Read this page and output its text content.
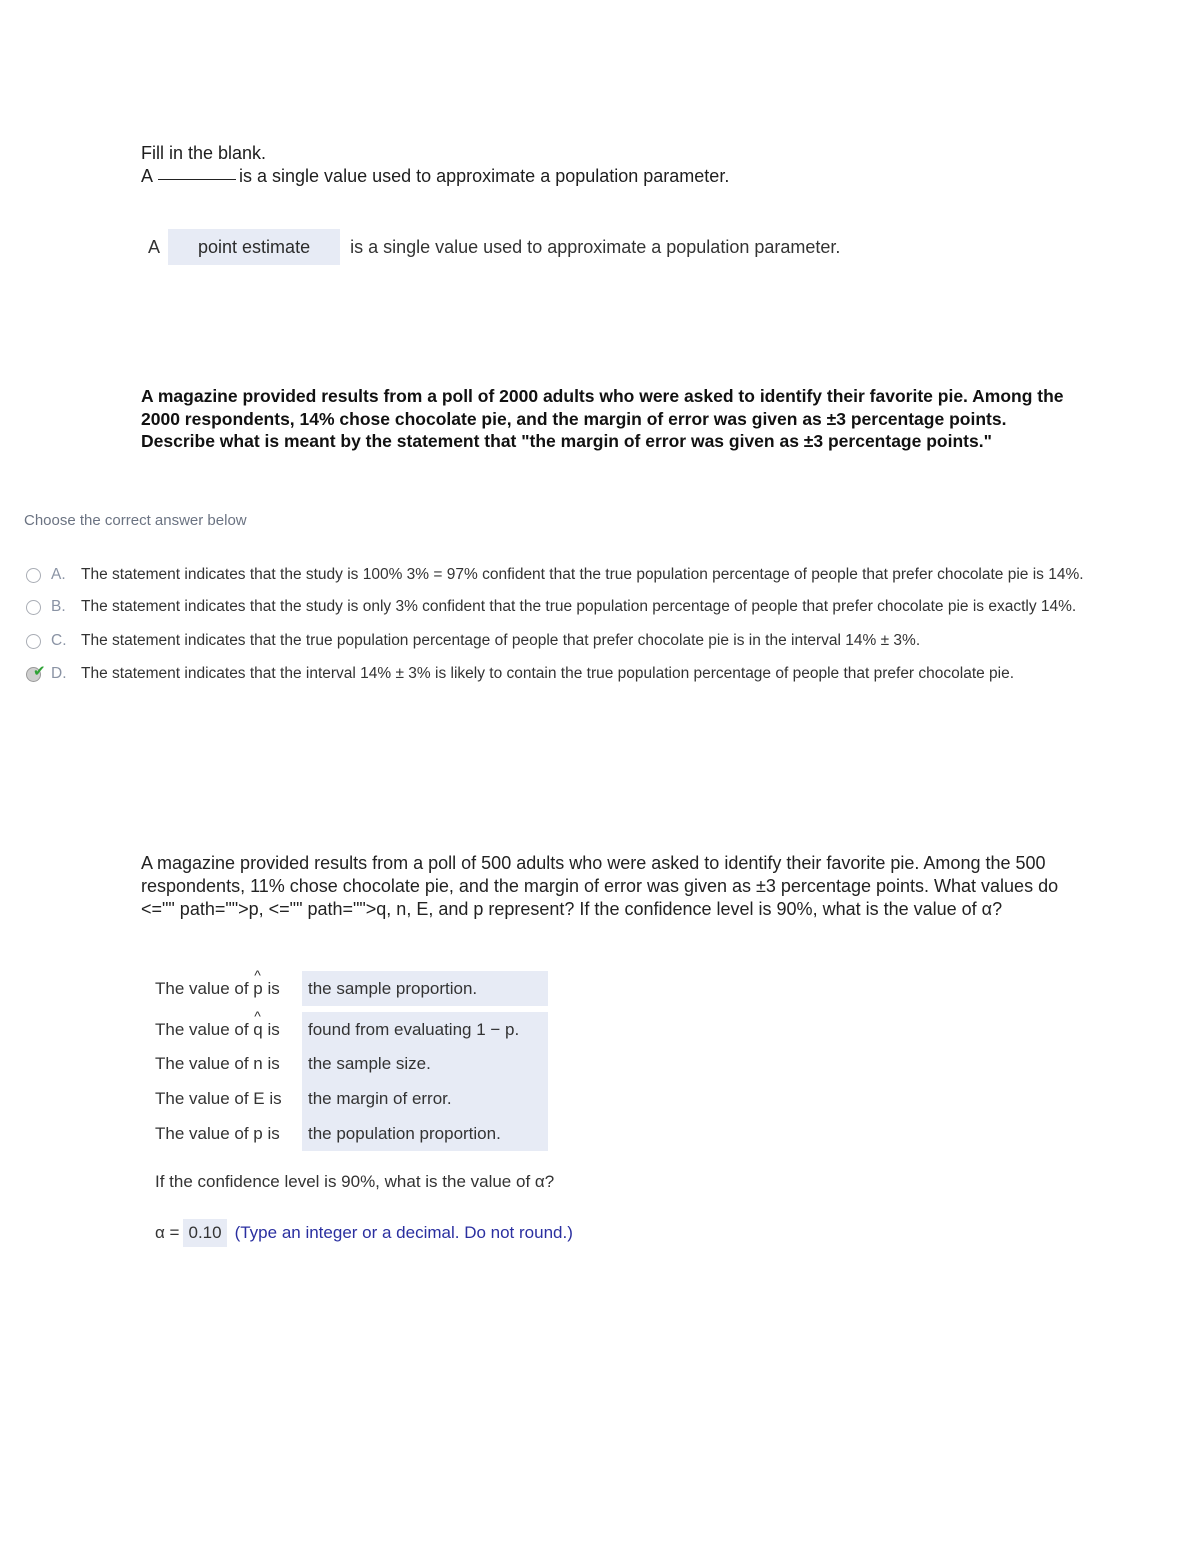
Fill in the blank.
A	is a single value used to approximate a population parameter.
A	point estimate	is a single value used to approximate a population parameter.
A magazine provided results from a poll of 2000 adults who were asked to identify their favorite pie. Among the 2000 respondents, 14% chose chocolate pie, and the margin of error was given as ±3 percentage points. Describe what is meant by the statement that "the margin of error was given as ±3 percentage points."
Choose the correct answer below
A. The statement indicates that the study is 100% 3% = 97% confident that the true population percentage of people that prefer chocolate pie is 14%.
B. The statement indicates that the study is only 3% confident that the true population percentage of people that prefer chocolate pie is exactly 14%.
C. The statement indicates that the true population percentage of people that prefer chocolate pie is in the interval 14% ± 3%.
✔ D. The statement indicates that the interval 14% ± 3% is likely to contain the true population percentage of people that prefer chocolate pie.
A magazine provided results from a poll of 500 adults who were asked to identify their favorite pie. Among the 500 respondents, 11% chose chocolate pie, and the margin of error was given as ±3 percentage points. What values do <="" path="">p, <="" path="">q, n, E, and p represent? If the confidence level is 90%, what is the value of α?
The value of ^ p is	the sample proportion.
The value of ^ q is	found from evaluating 1 − p.
The value of n is	the sample size.
The value of E is	the margin of error.
The value of p is	the population proportion.
If the confidence level is 90%, what is the value of α?
α = 0.10 (Type an integer or a decimal. Do not round.)
